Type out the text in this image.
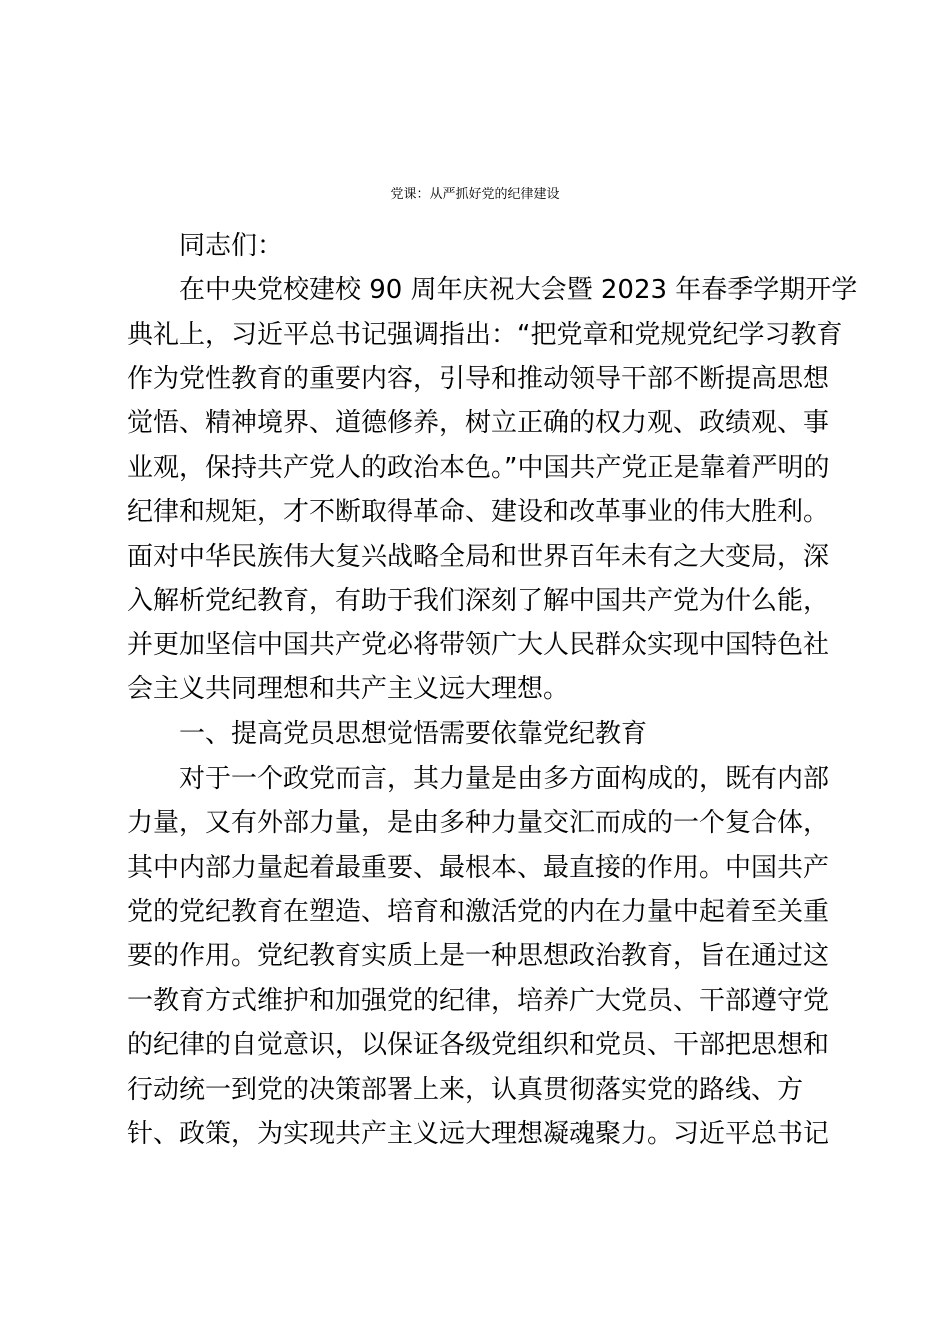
党课：从严抓好党的纪律建设
同志们：
在中央党校建校 90 周年庆祝大会暨 2023 年春季学期开学
典礼上，习近平总书记强调指出：“把党章和党规党纪学习教育
作为党性教育的重要内容，引导和推动领导干部不断提高思想
觉悟、精神境界、道德修养，树立正确的权力观、政绩观、事
业观，保持共产党人的政治本色。”中国共产党正是靠着严明的
纪律和规矩，才不断取得革命、建设和改革事业的伟大胜利。
面对中华民族伟大复兴战略全局和世界百年未有之大变局，深
入解析党纪教育，有助于我们深刻了解中国共产党为什么能，
并更加坚信中国共产党必将带领广大人民群众实现中国特色社
会主义共同理想和共产主义远大理想。
一、提高党员思想觉悟需要依靠党纪教育
对于一个政党而言，其力量是由多方面构成的，既有内部
力量，又有外部力量，是由多种力量交汇而成的一个复合体，
其中内部力量起着最重要、最根本、最直接的作用。中国共产
党的党纪教育在塑造、培育和激活党的内在力量中起着至关重
要的作用。党纪教育实质上是一种思想政治教育，旨在通过这
一教育方式维护和加强党的纪律，培养广大党员、干部遵守党
的纪律的自觉意识，以保证各级党组织和党员、干部把思想和
行动统一到党的决策部署上来，认真贯彻落实党的路线、方
针、政策，为实现共产主义远大理想凝魂聚力。习近平总书记
